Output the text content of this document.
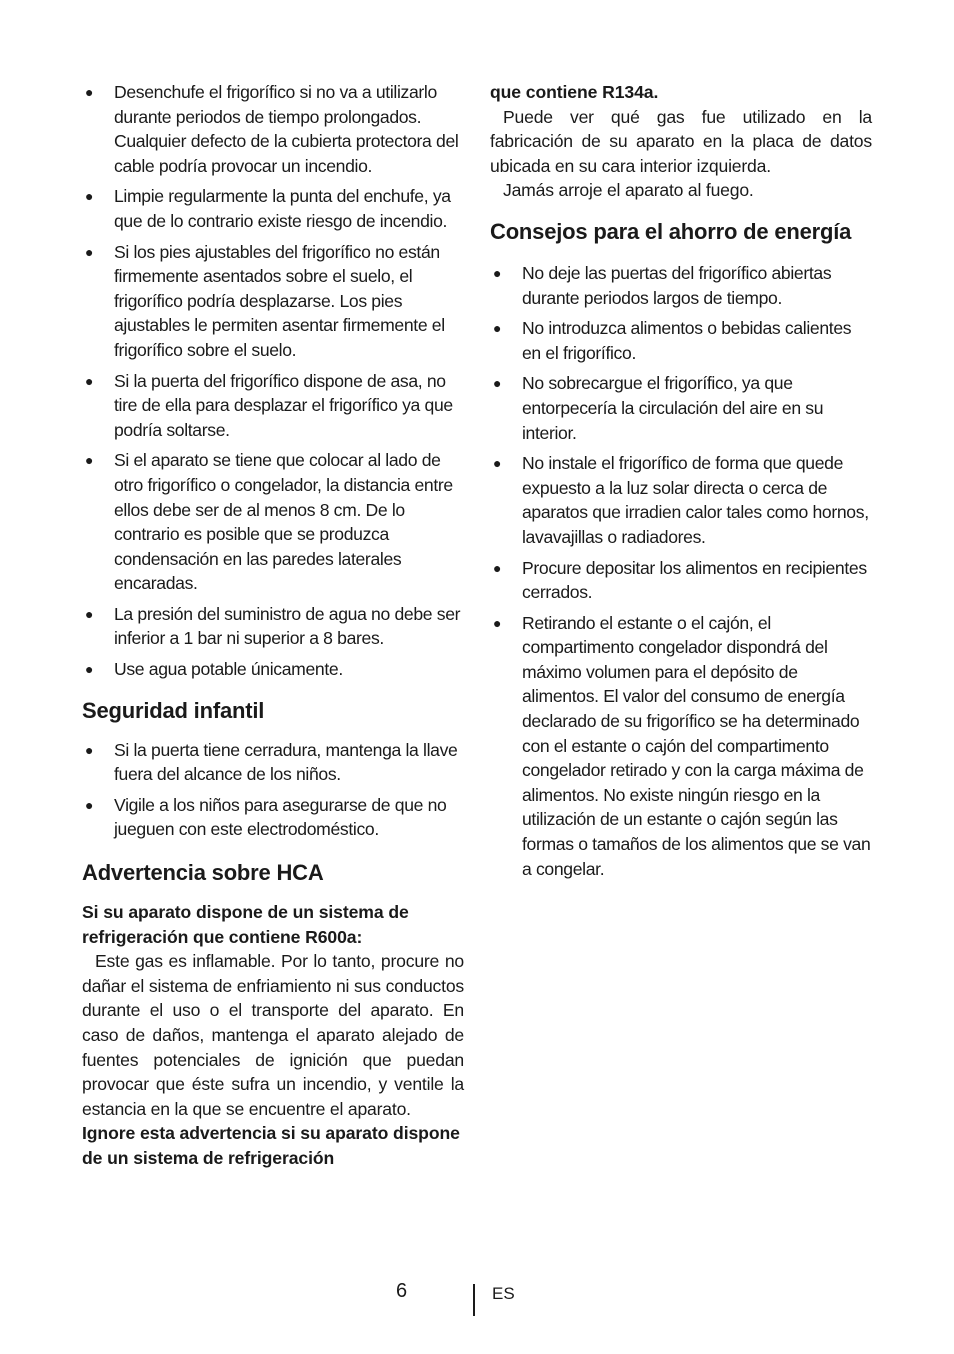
● Desenchufe el frigorífico si no va a utilizarlo durante periodos de tiempo prolongados. Cualquier defecto de la cubierta protectora del cable podría provocar un incendio.
● Limpie regularmente la punta del enchufe, ya que de lo contrario existe riesgo de incendio.
● Si los pies ajustables del frigorífico no están firmemente asentados sobre el suelo, el frigorífico podría desplazarse. Los pies ajustables le permiten asentar firmemente el frigorífico sobre el suelo.
● Si la puerta del frigorífico dispone de asa, no tire de ella para desplazar el frigorífico ya que podría soltarse.
● Si el aparato se tiene que colocar al lado de otro frigorífico o congelador, la distancia entre ellos debe ser de al menos 8 cm. De lo contrario es posible que se produzca condensación en las paredes laterales encaradas.
● La presión del suministro de agua no debe ser inferior a 1 bar ni superior a 8 bares.
● Use agua potable únicamente.
Seguridad infantil
● Si la puerta tiene cerradura, mantenga la llave fuera del alcance de los niños.
● Vigile a los niños para asegurarse de que no jueguen con este electrodoméstico.
Advertencia sobre HCA

Si su aparato dispone de un sistema de refrigeración que contiene R600a:

Este gas es inflamable. Por lo tanto, procure no dañar el sistema de enfriamiento ni sus conductos durante el uso o el transporte del aparato. En caso de daños, mantenga el aparato alejado de fuentes potenciales de ignición que puedan provocar que éste sufra un incendio, y ventile la estancia en la que se encuentre el aparato.

Ignore esta advertencia si su aparato dispone de un sistema de refrigeración

que contiene R134a.

Puede ver qué gas fue utilizado en la fabricación de su aparato en la placa de datos ubicada en su cara interior izquierda.

Jamás arroje el aparato al fuego.

Consejos para el ahorro de energía
● No deje las puertas del frigorífico abiertas durante periodos largos de tiempo.
● No introduzca alimentos o bebidas calientes en el frigorífico.
● No sobrecargue el frigorífico, ya que entorpecería la circulación del aire en su interior.
● No instale el frigorífico de forma que quede expuesto a la luz solar directa o cerca de aparatos que irradien calor tales como hornos, lavavajillas o radiadores.
● Procure depositar los alimentos en recipientes cerrados.
● Retirando el estante o el cajón, el compartimento congelador dispondrá del máximo volumen para el depósito de alimentos. El valor del consumo de energía declarado de su frigorífico se ha determinado con el estante o cajón del compartimento congelador retirado y con la carga máxima de alimentos. No existe ningún riesgo en la utilización de un estante o cajón según las formas o tamaños de los alimentos que se van a congelar.
6	ES
